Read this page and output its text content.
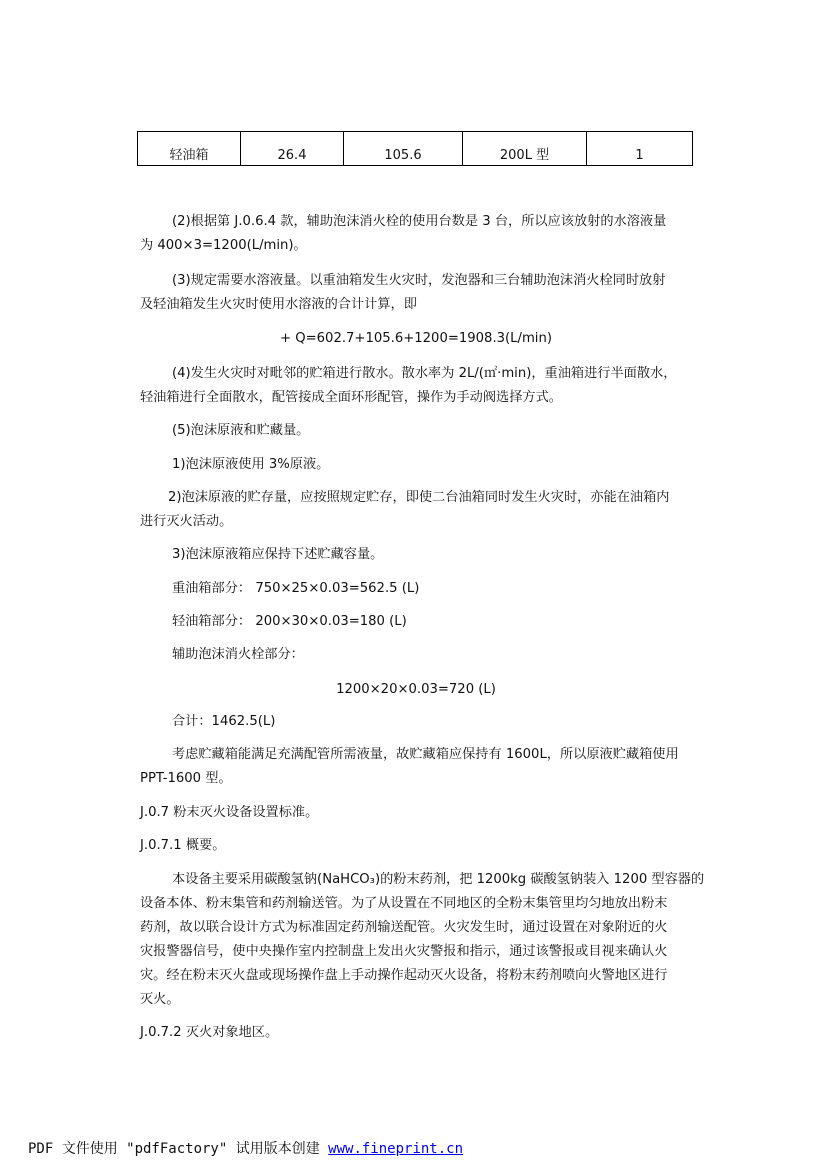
轻油箱	26.4	105.6	200L 型	1
(2)根据第 J.0.6.4 款，辅助泡沫消火栓的使用台数是 3 台，所以应该放射的水溶液量
为 400×3=1200(L/min)。
(3)规定需要水溶液量。以重油箱发生火灾时，发泡器和三台辅助泡沫消火栓同时放射
及轻油箱发生火灾时使用水溶液的合计计算，即
+ Q=602.7+105.6+1200=1908.3(L/min)
(4)发生火灾时对毗邻的贮箱进行散水。散水率为 2L/(㎡·min)，重油箱进行半面散水，
轻油箱进行全面散水，配管接成全面环形配管，操作为手动阀选择方式。
(5)泡沫原液和贮藏量。
1)泡沫原液使用 3%原液。
2)泡沫原液的贮存量，应按照规定贮存，即使二台油箱同时发生火灾时，亦能在油箱内
进行灭火活动。
3)泡沫原液箱应保持下述贮藏容量。
重油箱部分： 750×25×0.03=562.5 (L)
轻油箱部分： 200×30×0.03=180 (L)
辅助泡沫消火栓部分：
1200×20×0.03=720 (L)
合计：1462.5(L)
考虑贮藏箱能满足充满配管所需液量，故贮藏箱应保持有 1600L，所以原液贮藏箱使用
PPT-1600 型。
J.0.7 粉末灭火设备设置标准。
J.0.7.1 概要。
本设备主要采用碳酸氢钠(NaHCO₃)的粉末药剂，把 1200kg 碳酸氢钠装入 1200 型容器的
设备本体、粉末集管和药剂输送管。为了从设置在不同地区的全粉末集管里均匀地放出粉末
药剂，故以联合设计方式为标准固定药剂输送配管。火灾发生时，通过设置在对象附近的火
灾报警器信号，使中央操作室内控制盘上发出火灾警报和指示，通过该警报或目视来确认火
灾。经在粉末灭火盘或现场操作盘上手动操作起动灭火设备，将粉末药剂喷向火警地区进行
灭火。
J.0.7.2 灭火对象地区。
PDF 文件使用 "pdfFactory" 试用版本创建 www.fineprint.cn
